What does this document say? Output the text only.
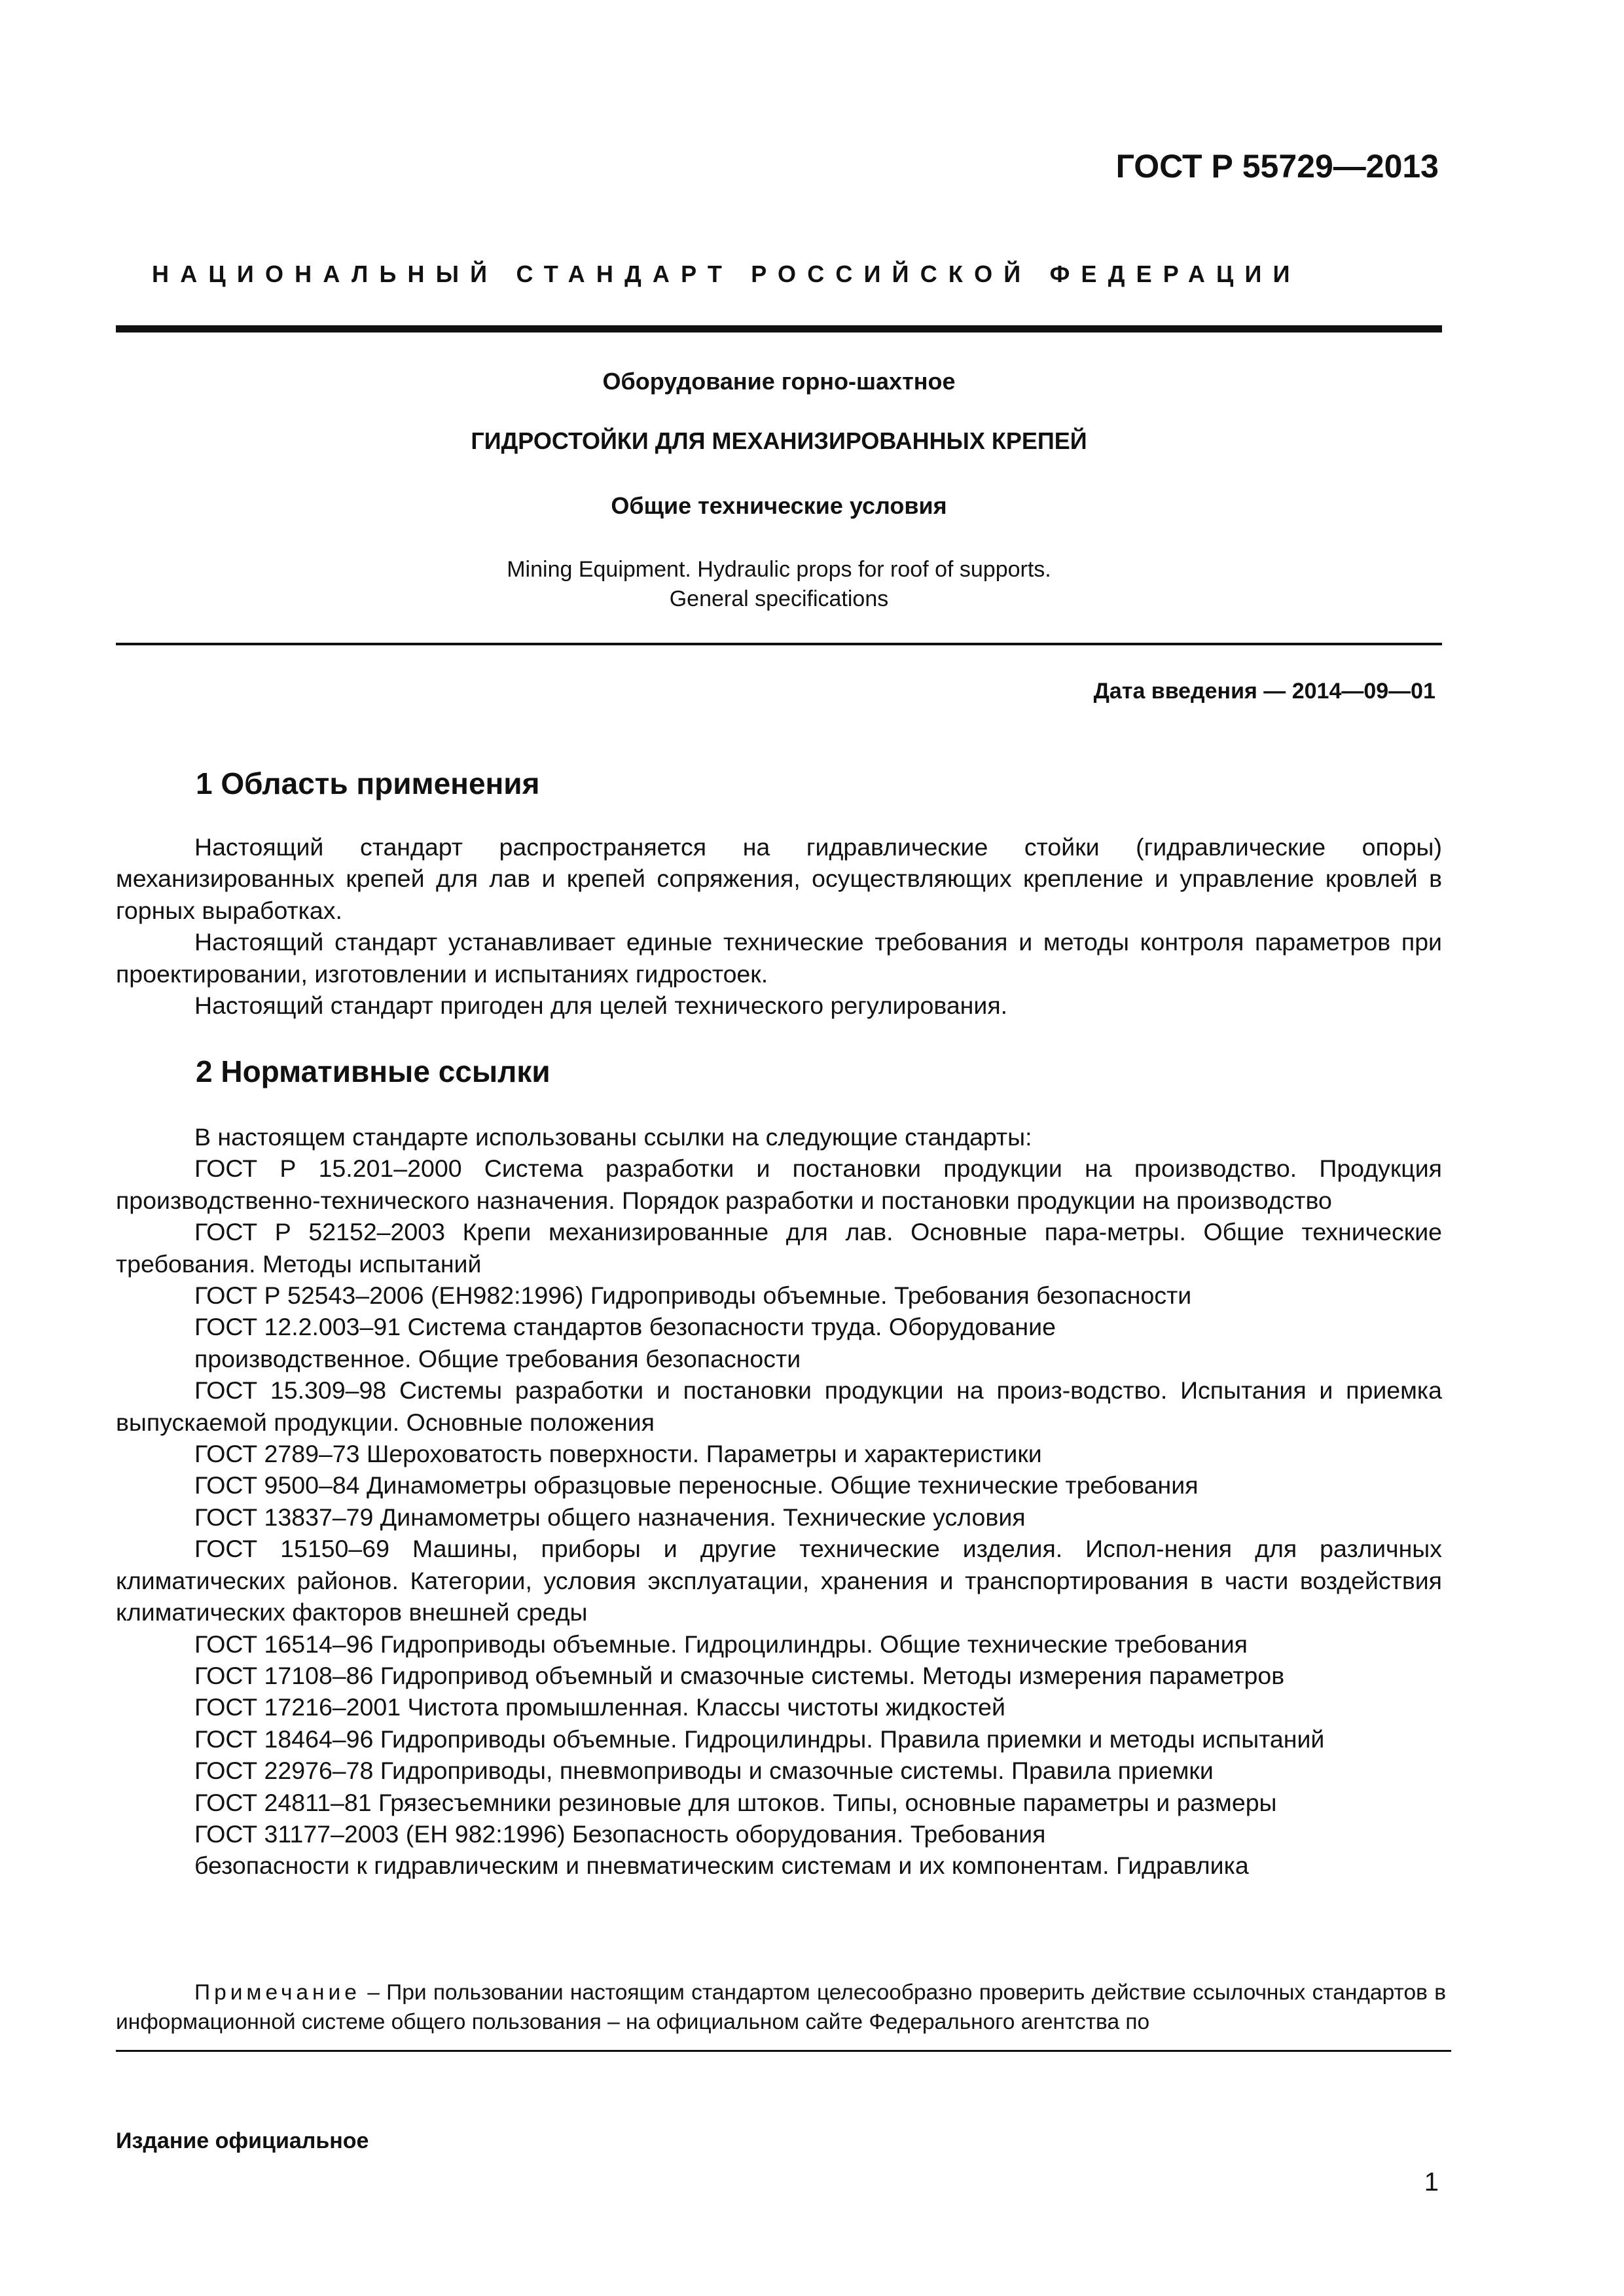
ГОСТ Р 55729—2013
НАЦИОНАЛЬНЫЙ СТАНДАРТ РОССИЙСКОЙ ФЕДЕРАЦИИ
Оборудование горно-шахтное
ГИДРОСТОЙКИ ДЛЯ МЕХАНИЗИРОВАННЫХ КРЕПЕЙ
Общие технические условия
Mining Equipment. Hydraulic props for roof of supports.
General specifications
Дата введения — 2014—09—01
1 Область применения

Настоящий стандарт распространяется на гидравлические стойки (гидравлические опоры) механизированных крепей для лав и крепей сопряжения, осуществляющих крепление и управление кровлей в горных выработках.

Настоящий стандарт устанавливает единые технические требования и методы контроля параметров при проектировании, изготовлении и испытаниях гидростоек.

Настоящий стандарт пригоден для целей технического регулирования.

2 Нормативные ссылки

В настоящем стандарте использованы ссылки на следующие стандарты:

ГОСТ Р 15.201–2000 Система разработки и постановки продукции на производство. Продукция производственно-технического назначения. Порядок разработки и постановки продукции на производство

ГОСТ Р 52152–2003 Крепи механизированные для лав. Основные пара-метры. Общие технические требования. Методы испытаний

ГОСТ Р 52543–2006 (ЕН982:1996) Гидроприводы объемные. Требования безопасности

ГОСТ 12.2.003–91 Система стандартов безопасности труда. Оборудование

производственное. Общие требования безопасности

ГОСТ 15.309–98 Системы разработки и постановки продукции на произ-водство. Испытания и приемка выпускаемой продукции. Основные положения

ГОСТ 2789–73 Шероховатость поверхности. Параметры и характеристики

ГОСТ 9500–84 Динамометры образцовые переносные. Общие технические требования

ГОСТ 13837–79 Динамометры общего назначения. Технические условия

ГОСТ 15150–69 Машины, приборы и другие технические изделия. Испол-нения для различных климатических районов. Категории, условия эксплуатации, хранения и транспортирования в части воздействия климатических факторов внешней среды

ГОСТ 16514–96 Гидроприводы объемные. Гидроцилиндры. Общие технические требования

ГОСТ 17108–86 Гидропривод объемный и смазочные системы. Методы измерения параметров

ГОСТ 17216–2001 Чистота промышленная. Классы чистоты жидкостей

ГОСТ 18464–96 Гидроприводы объемные. Гидроцилиндры. Правила приемки и методы испытаний

ГОСТ 22976–78 Гидроприводы, пневмоприводы и смазочные системы. Правила приемки

ГОСТ 24811–81 Грязесъемники резиновые для штоков. Типы, основные параметры и размеры

ГОСТ 31177–2003 (ЕН 982:1996) Безопасность оборудования. Требования

безопасности к гидравлическим и пневматическим системам и их компонентам. Гидравлика

Примечание – При пользовании настоящим стандартом целесообразно проверить действие ссылочных стандартов в информационной системе общего пользования – на официальном сайте Федерального агентства по

Издание официальное
1
